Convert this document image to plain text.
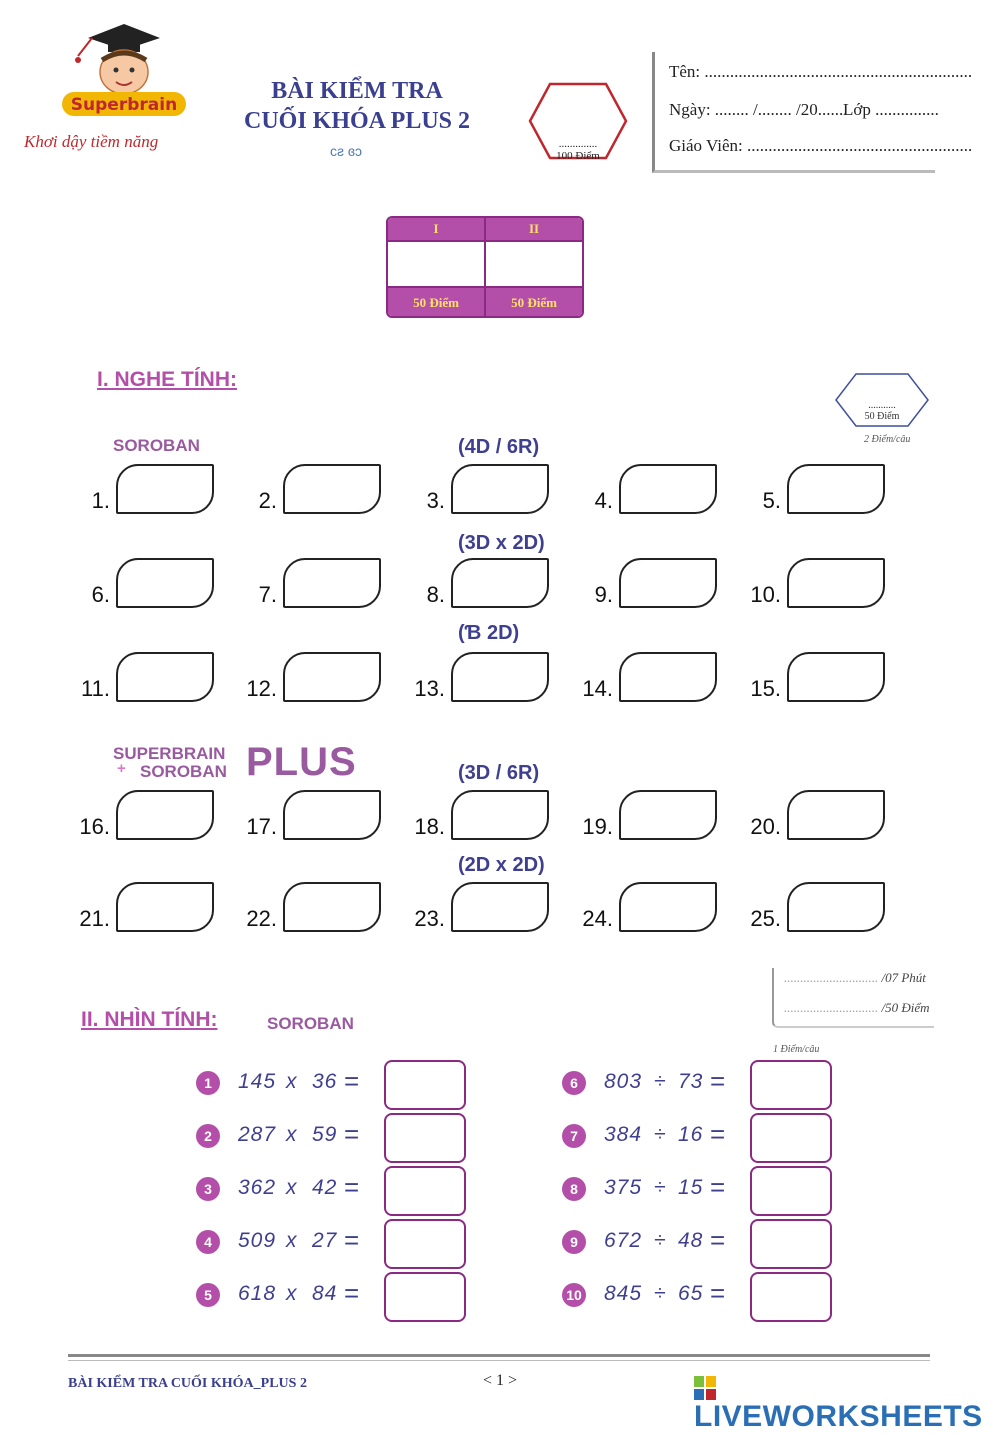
Superbrain
Khơi dậy tiềm năng
BÀI KIỂM TRA
CUỐI KHÓA PLUS 2
ᴄƨ ɞᴐ	..............
100 Điểm
Tên: ...............................................................
Ngày: ........ /........ /20.......
Lớp ...............
Giáo Viên: .....................................................
I
50 Điểm
II
50 Điểm
I. NGHE TÍNH:
...........
50 Điểm
2 Điểm/câu
SOROBAN
SUPERBRAIN
+ SOROBAN PLUS
(4D / 6R)
1.	2.	3.	4.	5.
(3D x 2D)
6.	7.	8.	9.	10.
(Ɓ 2D)
11.	12.	13.	14.	15.
(3D / 6R)
16.	17.	18.	19.	20.
(2D x 2D)
21.	22.	23.	24.	25.
II. NHÌN TÍNH:	SOROBAN
............................. /07 Phút
............................. /50 Điểm
1 Điểm/câu
1	145 x 36 =
2	287 x 59 =
3	362 x 42 =
4	509 x 27 =
5	618 x 84 =
6	803 ÷ 73 =
7	384 ÷ 16 =
8	375 ÷ 15 =
9	672 ÷ 48 =
10 845 ÷ 65 =
BÀI KIỂM TRA CUỐI KHÓA_PLUS 2	< 1 >
LIVEWORKSHEETS
